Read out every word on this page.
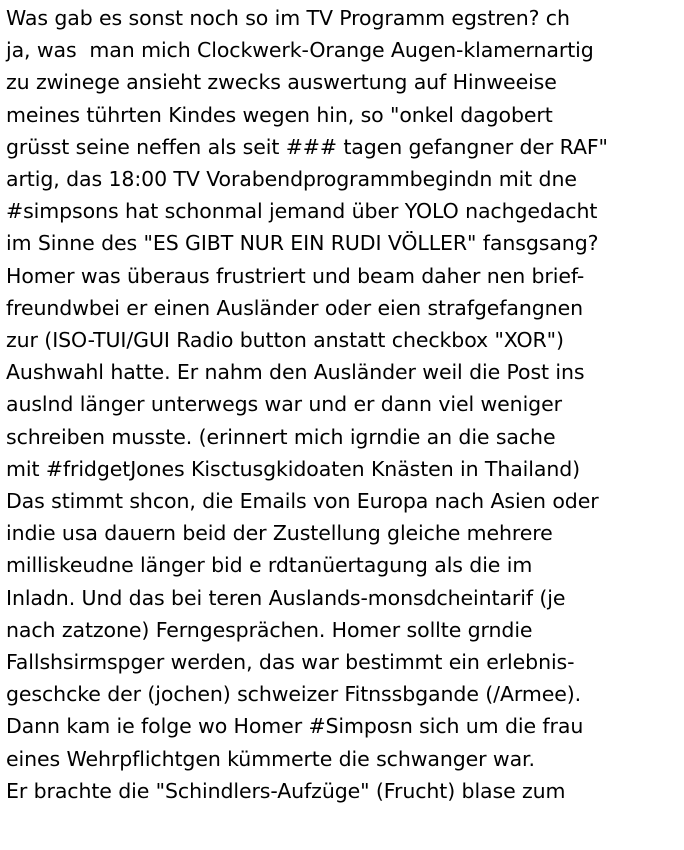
Was gab es sonst noch so im TV Programm egstren? ch
ja, was  man mich Clockwerk-Orange Augen-klamernartig
zu zwinege ansieht zwecks auswertung auf Hinweeise
meines tührten Kindes wegen hin, so "onkel dagobert
grüsst seine neffen als seit ### tagen gefangner der RAF"
artig, das 18:00 TV Vorabendprogrammbegindn mit dne
#simpsons hat schonmal jemand über YOLO nachgedacht
im Sinne des "ES GIBT NUR EIN RUDI VÖLLER" fansgsang?
Homer was überaus frustriert und beam daher nen brief-
freundwbei er einen Ausländer oder eien strafgefangnen
zur (ISO-TUI/GUI Radio button anstatt checkbox "XOR")
Aushwahl hatte. Er nahm den Ausländer weil die Post ins
auslnd länger unterwegs war und er dann viel weniger
schreiben musste. (erinnert mich igrndie an die sache
mit #fridgetJones Kisctusgkidoaten Knästen in Thailand)
Das stimmt shcon, die Emails von Europa nach Asien oder
indie usa dauern beid der Zustellung gleiche mehrere
milliskeudne länger bid e rdtanüertagung als die im
Inladn. Und das bei teren Auslands-monsdcheintarif (je
nach zatzone) Ferngesprächen. Homer sollte grndie
Fallshsirmspger werden, das war bestimmt ein erlebnis-
geschcke der (jochen) schweizer Fitnssbgande (/Armee).
Dann kam ie folge wo Homer #Simposn sich um die frau
eines Wehrpflichtgen kümmerte die schwanger war.
Er brachte die "Schindlers-Aufzüge" (Frucht) blase zum
